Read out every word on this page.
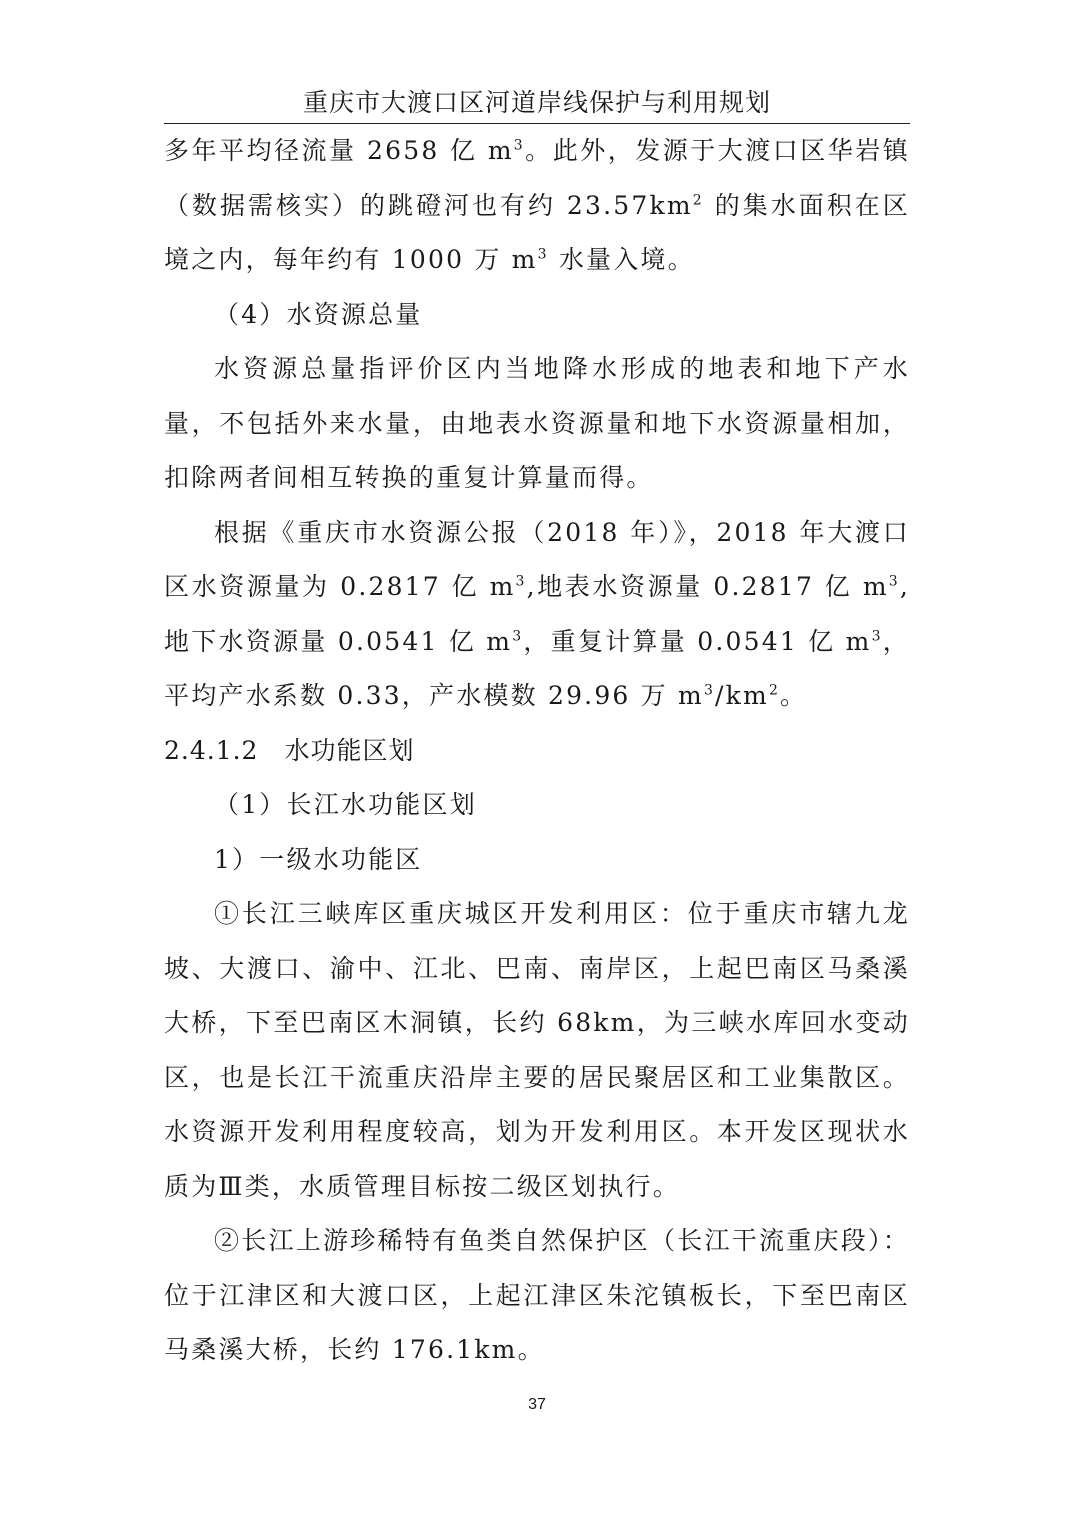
重庆市大渡口区河道岸线保护与利用规划

多年平均径流量 2658 亿 $m^3$。此外，发源于大渡口区华岩镇（数据需核实）的跳磴河也有约 $23.57km^2$ 的集水面积在区境之内，每年约有 1000 万 $m^3$ 水量入境。

（4）水资源总量

水资源总量指评价区内当地降水形成的地表和地下产水量，不包括外来水量，由地表水资源量和地下水资源量相加，扣除两者间相互转换的重复计算量而得。

根据《重庆市水资源公报（2018 年）》，2018 年大渡口区水资源量为 0.2817 亿 $m^3$,地表水资源量 0.2817 亿 $m^3$,地下水资源量 0.0541 亿 $m^3$，重复计算量 0.0541 亿 $m^3$，平均产水系数 0.33，产水模数 29.96 万 $m^3/km^2$。

2.4.1.2　水功能区划

（1）长江水功能区划

1）一级水功能区

①长江三峡库区重庆城区开发利用区：位于重庆市辖九龙坡、大渡口、渝中、江北、巴南、南岸区，上起巴南区马桑溪大桥，下至巴南区木洞镇，长约 68km，为三峡水库回水变动区，也是长江干流重庆沿岸主要的居民聚居区和工业集散区。水资源开发利用程度较高，划为开发利用区。本开发区现状水质为Ⅲ类，水质管理目标按二级区划执行。

②长江上游珍稀特有鱼类自然保护区（长江干流重庆段）：位于江津区和大渡口区，上起江津区朱沱镇板长，下至巴南区马桑溪大桥，长约 176.1km。

37
